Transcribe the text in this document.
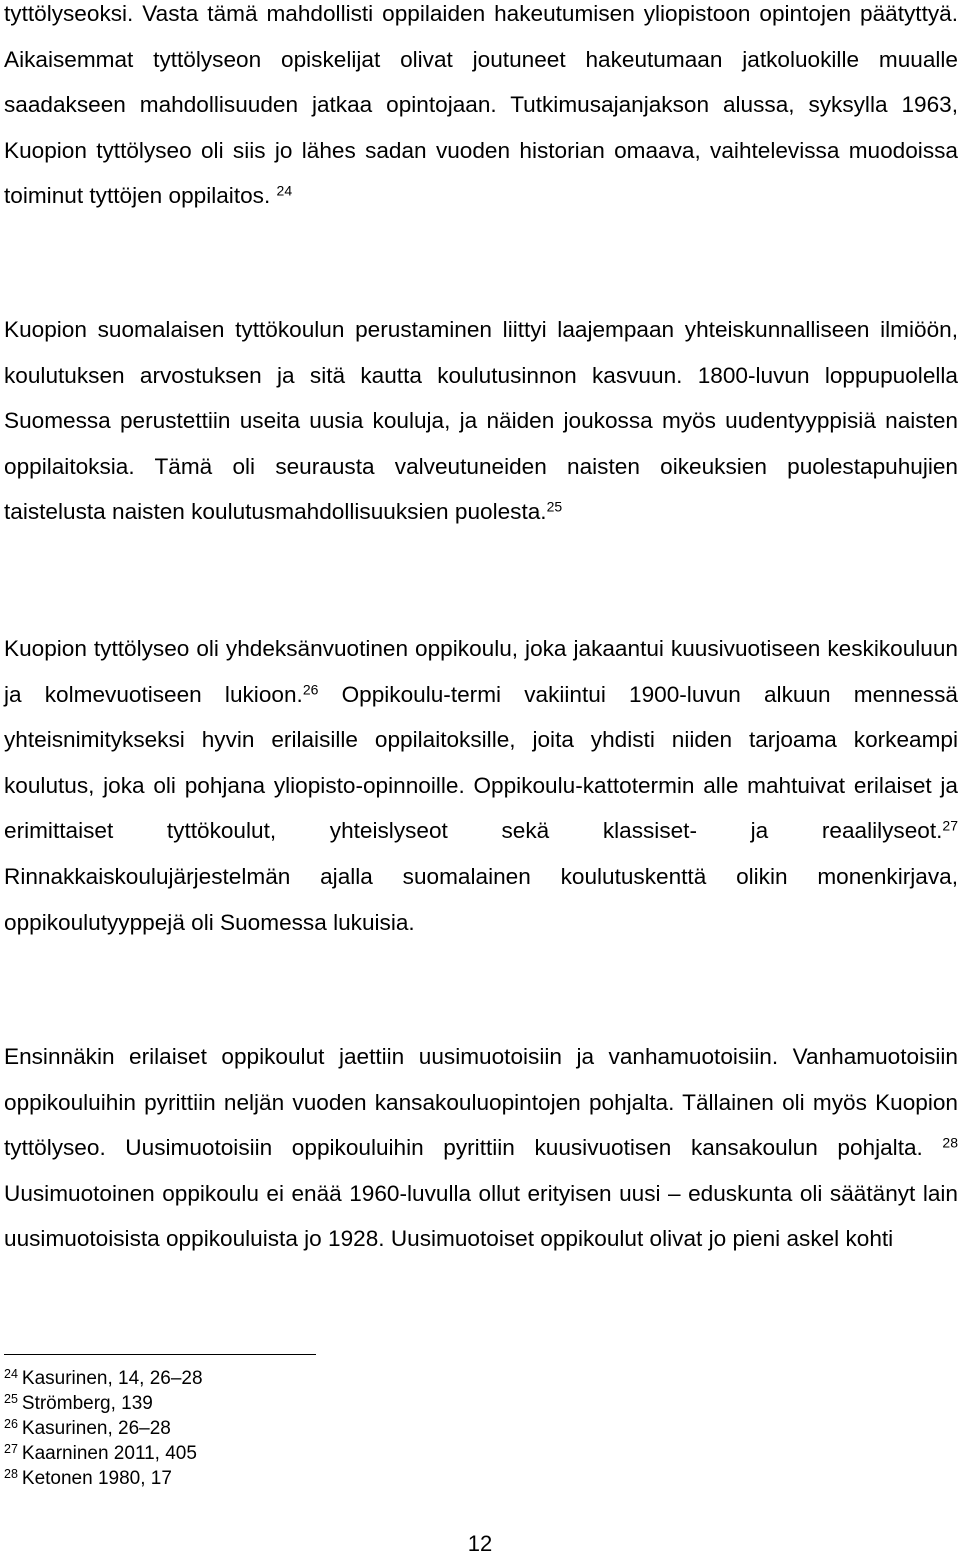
tyttölyseoksi. Vasta tämä mahdollisti oppilaiden hakeutumisen yliopistoon opintojen päätyttyä. Aikaisemmat tyttölyseon opiskelijat olivat joutuneet hakeutumaan jatkoluokille muualle saadakseen mahdollisuuden jatkaa opintojaan. Tutkimusajanjakson alussa, syksylla 1963, Kuopion tyttölyseo oli siis jo lähes sadan vuoden historian omaava, vaihtelevissa muodoissa toiminut tyttöjen oppilaitos. $^{24}$

Kuopion suomalaisen tyttökoulun perustaminen liittyi laajempaan yhteiskunnalliseen ilmiöön, koulutuksen arvostuksen ja sitä kautta koulutusinnon kasvuun. 1800-luvun loppupuolella Suomessa perustettiin useita uusia kouluja, ja näiden joukossa myös uudentyyppisiä naisten oppilaitoksia. Tämä oli seurausta valveutuneiden naisten oikeuksien puolestapuhujien taistelusta naisten koulutusmahdollisuuksien puolesta.$^{25}$

Kuopion tyttölyseo oli yhdeksänvuotinen oppikoulu, joka jakaantui kuusivuotiseen keskikouluun ja kolmevuotiseen lukioon.$^{26}$ Oppikoulu-termi vakiintui 1900-luvun alkuun mennessä yhteisnimitykseksi hyvin erilaisille oppilaitoksille, joita yhdisti niiden tarjoama korkeampi koulutus, joka oli pohjana yliopisto-opinnoille. Oppikoulu-kattotermin alle mahtuivat erilaiset ja erimittaiset tyttökoulut, yhteislyseot sekä klassiset- ja reaalilyseot.$^{27}$ Rinnakkaiskoulujärjestelmän ajalla suomalainen koulutuskenttä olikin monenkirjava, oppikoulutyyppejä oli Suomessa lukuisia.

Ensinnäkin erilaiset oppikoulut jaettiin uusimuotoisiin ja vanhamuotoisiin. Vanhamuotoisiin oppikouluihin pyrittiin neljän vuoden kansakouluopintojen pohjalta. Tällainen oli myös Kuopion tyttölyseo. Uusimuotoisiin oppikouluihin pyrittiin kuusivuotisen kansakoulun pohjalta. $^{28}$ Uusimuotoinen oppikoulu ei enää 1960-luvulla ollut erityisen uusi – eduskunta oli säätänyt lain uusimuotoisista oppikouluista jo 1928. Uusimuotoiset oppikoulut olivat jo pieni askel kohti

$^{24}$ Kasurinen, 14, 26–28

$^{25}$ Strömberg, 139

$^{26}$ Kasurinen, 26–28

$^{27}$ Kaarninen 2011, 405

$^{28}$ Ketonen 1980, 17

12
